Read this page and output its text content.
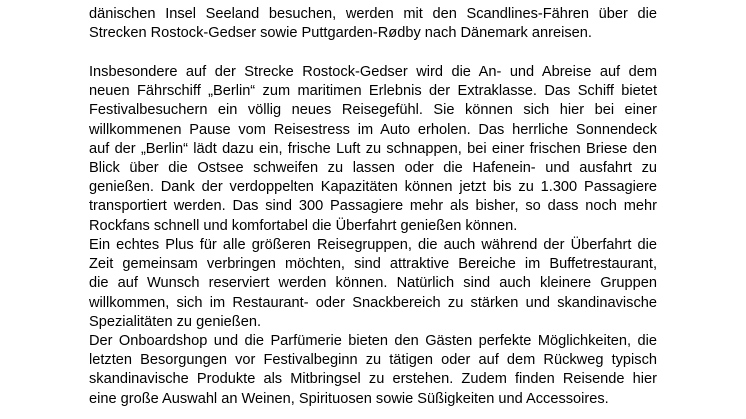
dänischen Insel Seeland besuchen, werden mit den Scandlines-Fähren über die
Strecken Rostock-Gedser sowie Puttgarden-Rødby nach Dänemark anreisen.

Insbesondere auf der Strecke Rostock-Gedser wird die An- und Abreise auf dem
neuen Fährschiff „Berlin“ zum maritimen Erlebnis der Extraklasse. Das Schiff bietet
Festivalbesuchern ein völlig neues Reisegefühl. Sie können sich hier bei einer
willkommenen Pause vom Reisestress im Auto erholen. Das herrliche Sonnendeck
auf der „Berlin“ lädt dazu ein, frische Luft zu schnappen, bei einer frischen Briese den
Blick über die Ostsee schweifen zu lassen oder die Hafenein- und ausfahrt zu
genießen. Dank der verdoppelten Kapazitäten können jetzt bis zu 1.300 Passagiere
transportiert werden. Das sind 300 Passagiere mehr als bisher, so dass noch mehr
Rockfans schnell und komfortabel die Überfahrt genießen können.

Ein echtes Plus für alle größeren Reisegruppen, die auch während der Überfahrt die
Zeit gemeinsam verbringen möchten, sind attraktive Bereiche im Buffetrestaurant,
die auf Wunsch reserviert werden können. Natürlich sind auch kleinere Gruppen
willkommen, sich im Restaurant- oder Snackbereich zu stärken und skandinavische
Spezialitäten zu genießen.

Der Onboardshop und die Parfümerie bieten den Gästen perfekte Möglichkeiten, die
letzten Besorgungen vor Festivalbeginn zu tätigen oder auf dem Rückweg typisch
skandinavische Produkte als Mitbringsel zu erstehen. Zudem finden Reisende hier
eine große Auswahl an Weinen, Spirituosen sowie Süßigkeiten und Accessoires.
